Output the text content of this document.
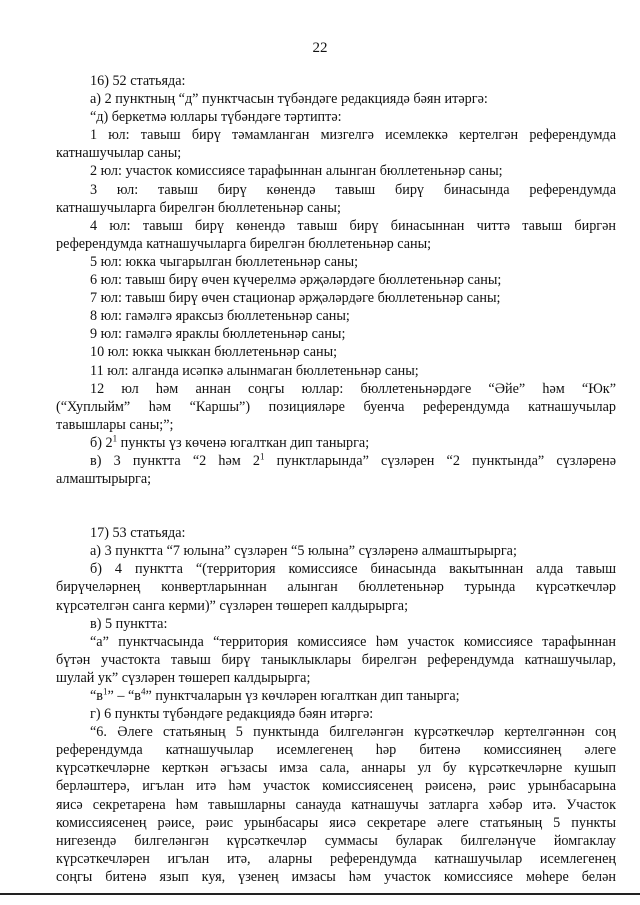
22
16) 52 статьяда:
а) 2 пунктның “д” пунктчасын түбәндәге редакциядә бәян итәргә:
“д) беркетмә юллары түбәндәге тәртиптә:
1 юл: тавыш бирү тәмамланган мизгелгә исемлеккә кертелгән референдумда
катнашучылар саны;
2 юл: участок комиссиясе тарафыннан алынган бюллетеньнәр саны;
3 юл: тавыш бирү көнендә тавыш бирү бинасында референдумда
катнашучыларга бирелгән бюллетеньнәр саны;
4 юл: тавыш бирү көнендә тавыш бирү бинасыннан читтә тавыш биргән
референдумда катнашучыларга бирелгән бюллетеньнәр саны;
5 юл: юкка чыгарылган бюллетеньнәр саны;
6 юл: тавыш бирү өчен күчерелмә әрҗәләрдәге бюллетеньнәр саны;
7 юл: тавыш бирү өчен стационар әрҗәләрдәге бюллетеньнәр саны;
8 юл: гамәлгә яраксыз бюллетеньнәр саны;
9 юл: гамәлгә яраклы бюллетеньнәр саны;
10 юл: юкка чыккан бюллетеньнәр саны;
11 юл: алганда исәпкә алынмаган бюллетеньнәр саны;
12 юл һәм аннан соңгы юллар: бюллетеньнәрдәге “Әйе” һәм “Юк”
(“Хуплыйм” һәм “Каршы”) позицияләре буенча референдумда катнашучылар
тавышлары саны;”;
б) $2^1$ пункты үз көченә югалткан дип танырга;
в) 3 пунктта “2 һәм $2^1$ пунктларында” сүзләрен “2 пунктында” сүзләренә
алмаштырырга;
17) 53 статьяда:
а) 3 пунктта “7 юлына” сүзләрен “5 юлына” сүзләренә алмаштырырга;
б) 4 пунктта “(территория комиссиясе бинасында вакытыннан алда тавыш
бирүчеләрнең конвертларыннан алынган бюллетеньнәр турында күрсәткечләр
күрсәтелгән санга керми)” сүзләрен төшереп калдырырга;
в) 5 пунктта:
“а” пунктчасында “территория комиссиясе һәм участок комиссиясе тарафыннан
бүтән участокта тавыш бирү таныклыклары бирелгән референдумда катнашучылар,
шулай ук” сүзләрен төшереп калдырырга;
“$в^1$” – “$в^4$” пунктчаларын үз көчләрен югалткан дип танырга;
г) 6 пункты түбәндәге редакциядә бәян итәргә:
“6. Әлеге статьяның 5 пунктында билгеләнгән күрсәткечләр кертелгәннән соң
референдумда катнашучылар исемлегенең һәр битенә комиссиянең әлеге
күрсәткечләрне керткән әгъзасы имза сала, аннары ул бу күрсәткечләрне кушып
берләштерә, игълан итә һәм участок комиссиясенең рәисенә, рәис урынбасарына
яисә секретарена һәм тавышларны санауда катнашучы затларга хәбәр итә. Участок
комиссиясенең рәисе, рәис урынбасары яисә секретаре әлеге статьяның 5 пункты
нигезендә билгеләнгән күрсәткечләр суммасы буларак билгеләнүче йомгаклау
күрсәткечләрен игълан итә, аларны референдумда катнашучылар исемлегенең
соңгы битенә язып куя, үзенең имзасы һәм участок комиссиясе мөһере белән
